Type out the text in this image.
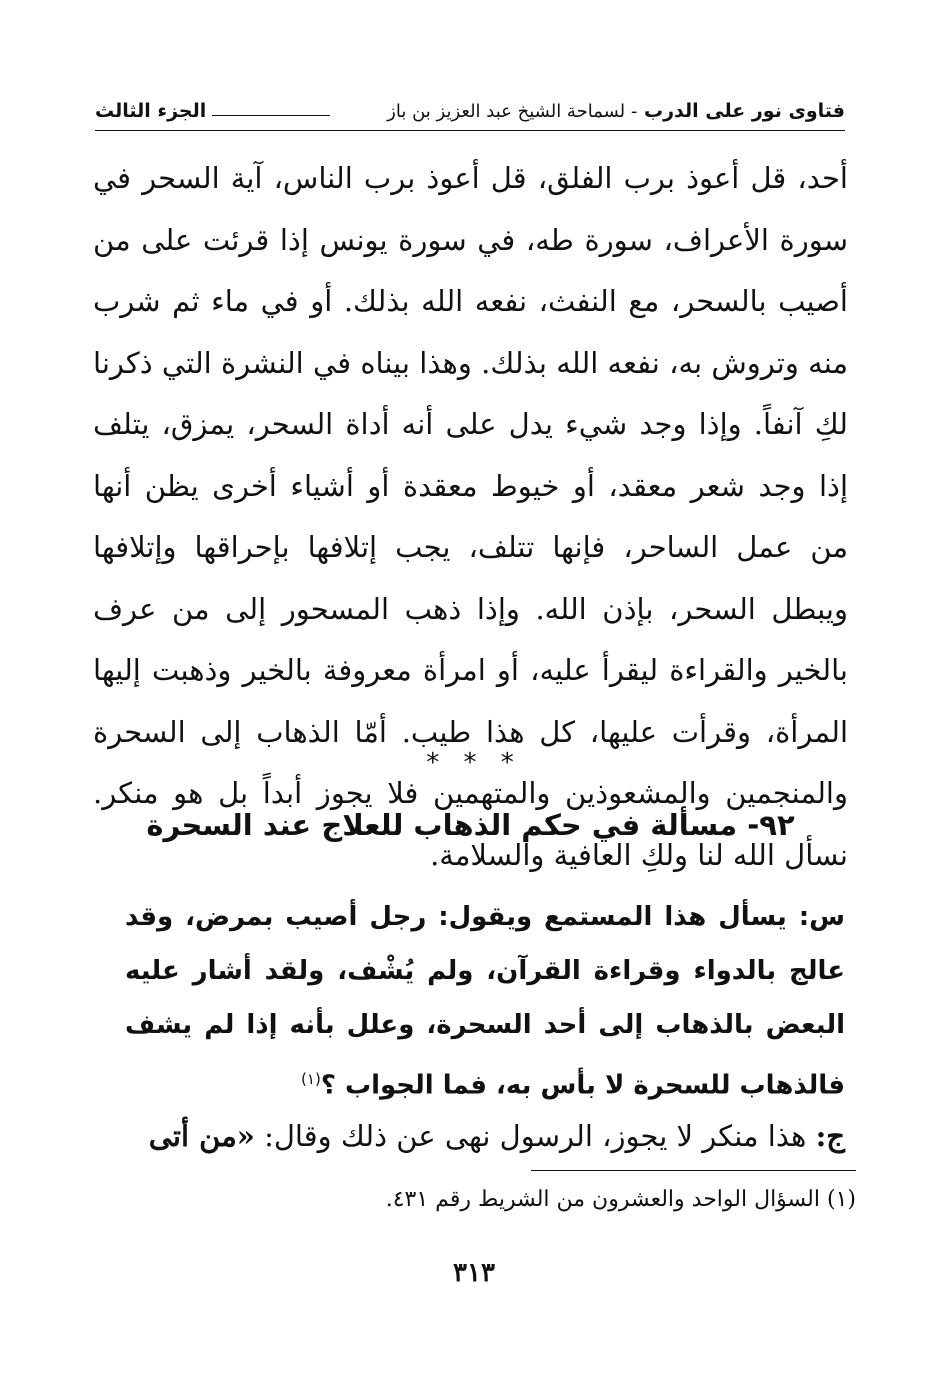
فتاوى نور على الدرب - لسماحة الشيخ عبد العزيز بن باز
الجزء الثالث

أحد، قل أعوذ برب الفلق، قل أعوذ برب الناس، آية السحر في سورة الأعراف، سورة طه، في سورة يونس إذا قرئت على من أصيب بالسحر، مع النفث، نفعه الله بذلك. أو في ماء ثم شرب منه وتروش به، نفعه الله بذلك. وهذا بيناه في النشرة التي ذكرنا لكِ آنفاً. وإذا وجد شيء يدل على أنه أداة السحر، يمزق، يتلف إذا وجد شعر معقد، أو خيوط معقدة أو أشياء أخرى يظن أنها من عمل الساحر، فإنها تتلف، يجب إتلافها بإحراقها وإتلافها ويبطل السحر، بإذن الله. وإذا ذهب المسحور إلى من عرف بالخير والقراءة ليقرأ عليه، أو امرأة معروفة بالخير وذهبت إليها المرأة، وقرأت عليها، كل هذا طيب. أمّا الذهاب إلى السحرة والمنجمين والمشعوذين والمتهمين فلا يجوز أبداً بل هو منكر. نسأل الله لنا ولكِ العافية والسلامة.

* * *
٩٢- مسألة في حكم الذهاب للعلاج عند السحرة
س: يسأل هذا المستمع ويقول: رجل أصيب بمرض، وقد عالج بالدواء وقراءة القرآن، ولم يُشْف، ولقد أشار عليه البعض بالذهاب إلى أحد السحرة، وعلل بأنه إذا لم يشف فالذهاب للسحرة لا بأس به، فما الجواب ؟$^{(١)}$
ج: هذا منكر لا يجوز، الرسول نهى عن ذلك وقال: «من أتى
(١) السؤال الواحد والعشرون من الشريط رقم ٤٣١.
٣١٣
